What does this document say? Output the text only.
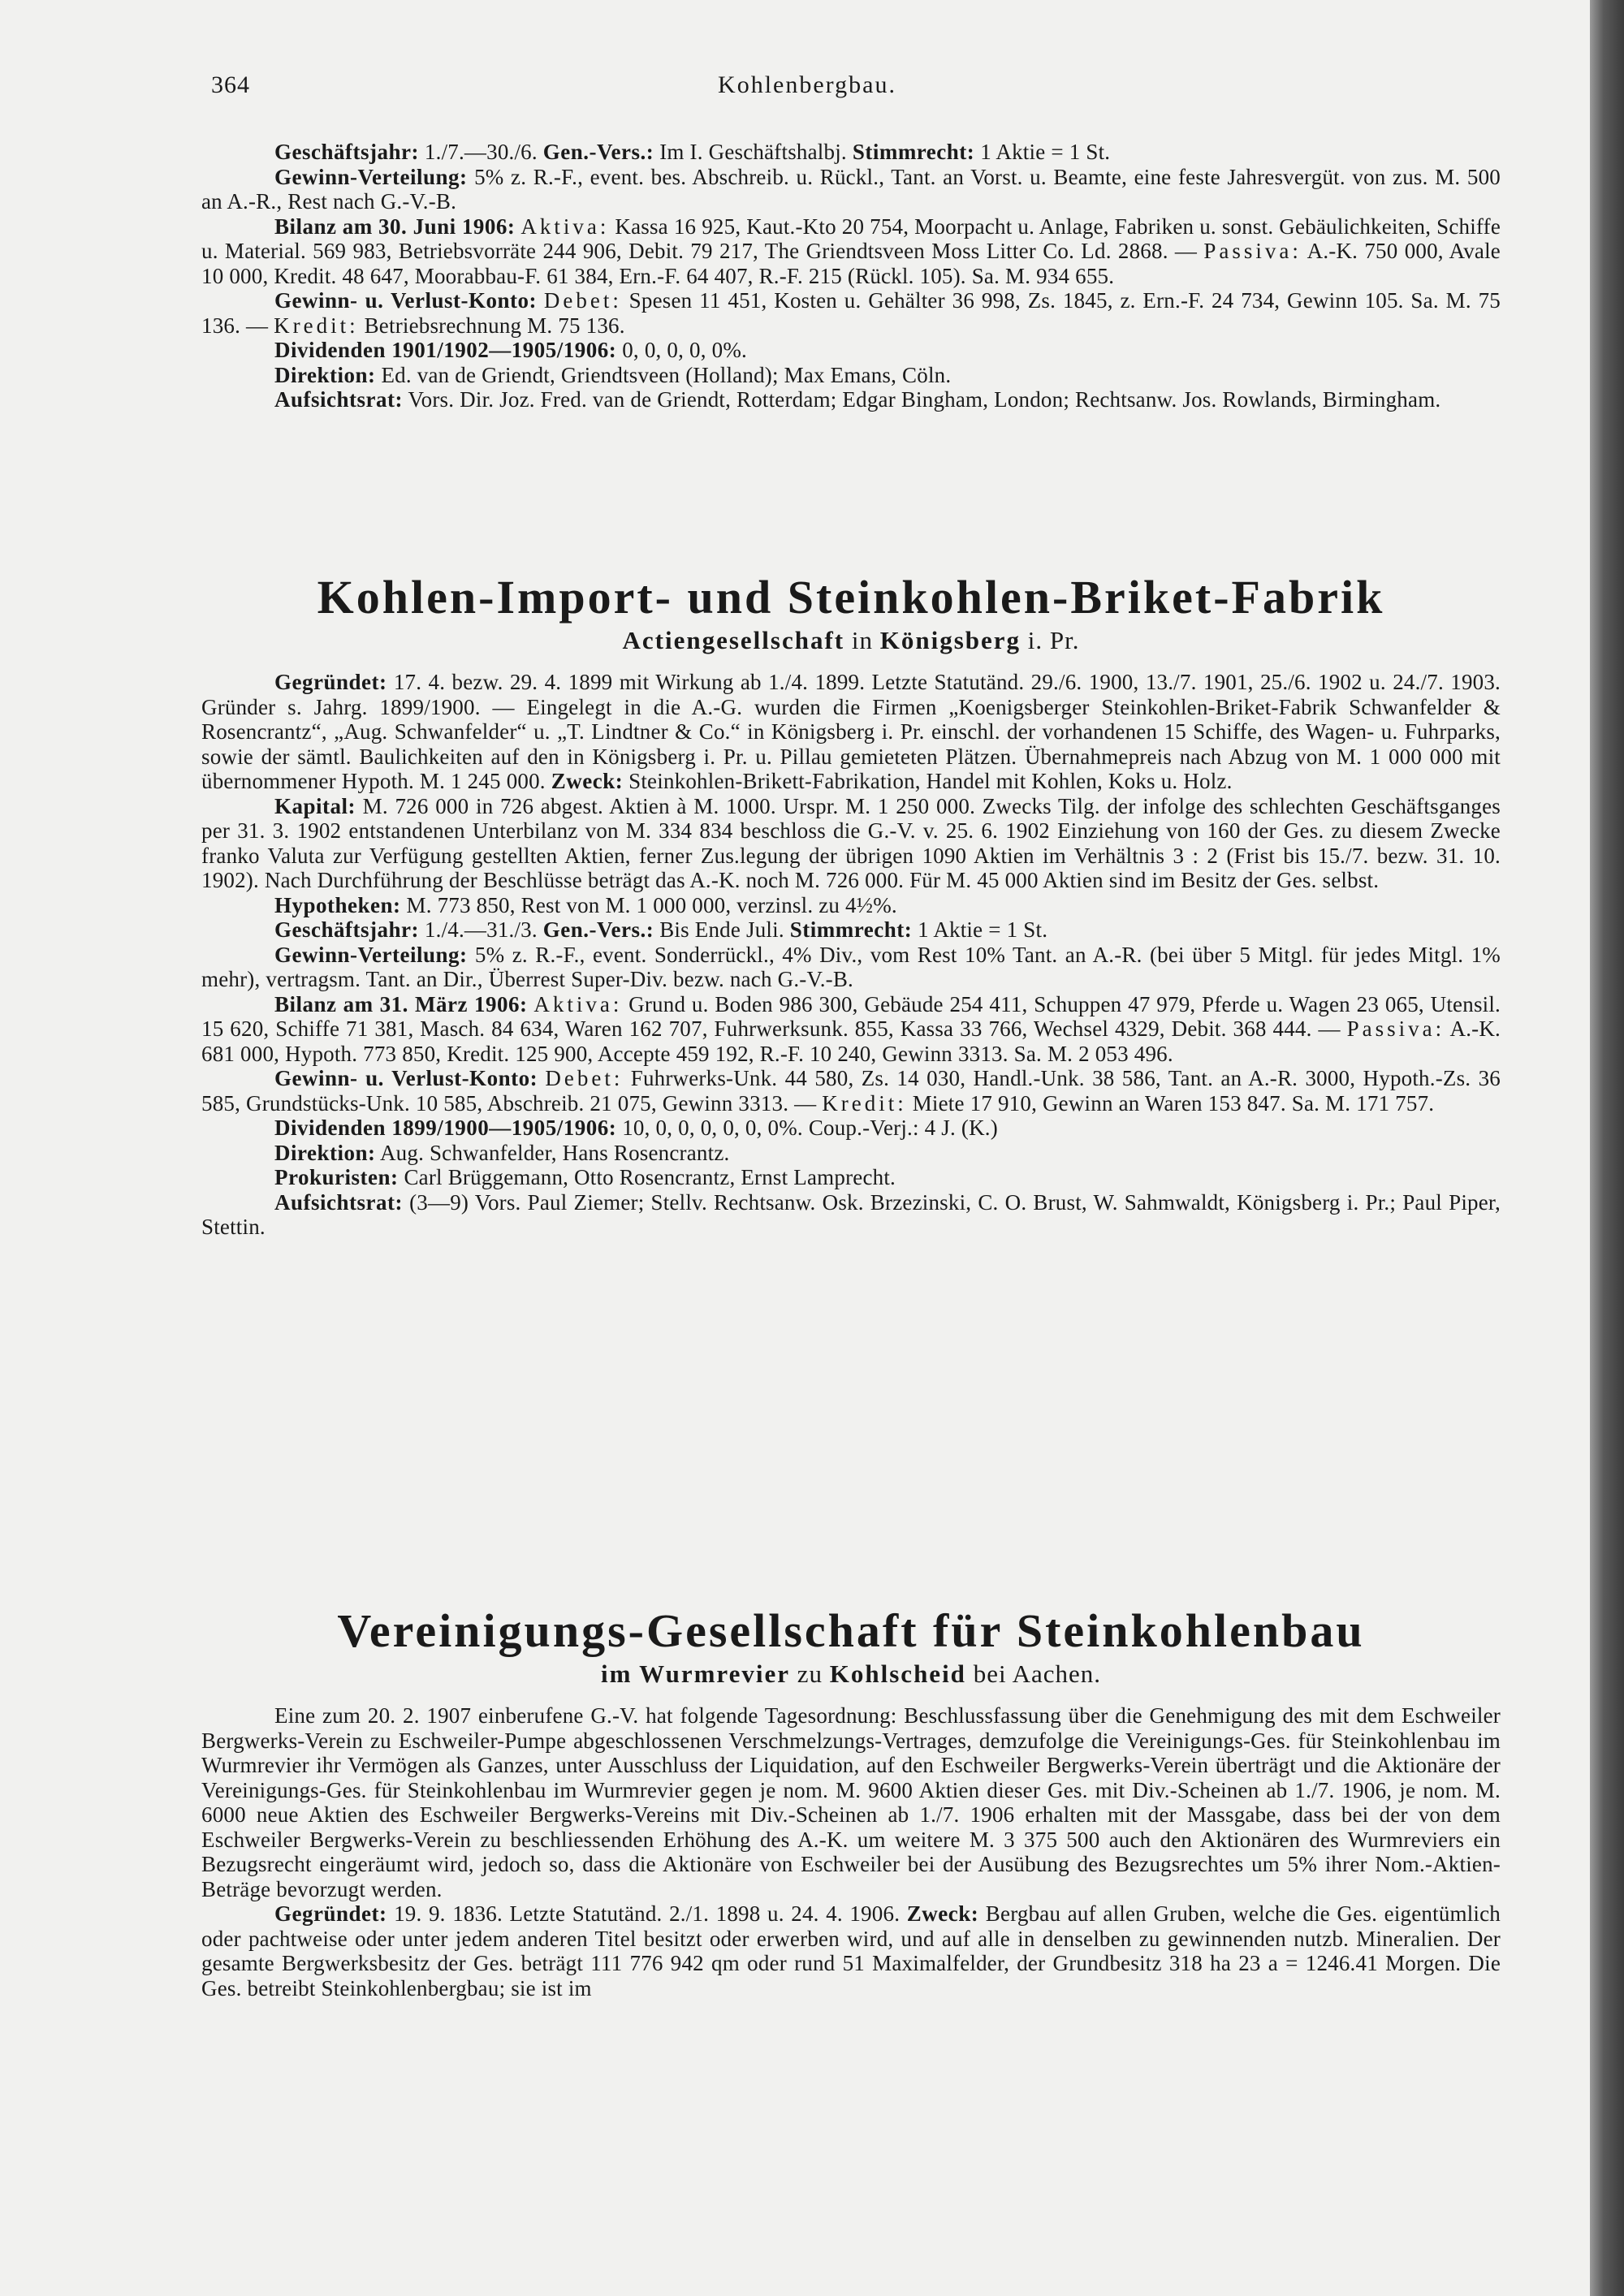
364	Kohlenbergbau.

Geschäftsjahr: 1./7.—30./6. Gen.-Vers.: Im I. Geschäftshalbj. Stimmrecht: 1 Aktie = 1 St.

Gewinn-Verteilung: 5% z. R.-F., event. bes. Abschreib. u. Rückl., Tant. an Vorst. u. Beamte, eine feste Jahresvergüt. von zus. M. 500 an A.-R., Rest nach G.-V.-B.

Bilanz am 30. Juni 1906: Aktiva: Kassa 16 925, Kaut.-Kto 20 754, Moorpacht u. Anlage, Fabriken u. sonst. Gebäulichkeiten, Schiffe u. Material. 569 983, Betriebsvorräte 244 906, Debit. 79 217, The Griendtsveen Moss Litter Co. Ld. 2868. — Passiva: A.-K. 750 000, Avale 10 000, Kredit. 48 647, Moorabbau-F. 61 384, Ern.-F. 64 407, R.-F. 215 (Rückl. 105). Sa. M. 934 655.

Gewinn- u. Verlust-Konto: Debet: Spesen 11 451, Kosten u. Gehälter 36 998, Zs. 1845, z. Ern.-F. 24 734, Gewinn 105. Sa. M. 75 136. — Kredit: Betriebsrechnung M. 75 136.

Dividenden 1901/1902—1905/1906: 0, 0, 0, 0, 0%.

Direktion: Ed. van de Griendt, Griendtsveen (Holland); Max Emans, Cöln.

Aufsichtsrat: Vors. Dir. Joz. Fred. van de Griendt, Rotterdam; Edgar Bingham, London; Rechtsanw. Jos. Rowlands, Birmingham.

Kohlen-Import- und Steinkohlen-Briket-Fabrik

Actiengesellschaft in Königsberg i. Pr.

Gegründet: 17. 4. bezw. 29. 4. 1899 mit Wirkung ab 1./4. 1899. Letzte Statutänd. 29./6. 1900, 13./7. 1901, 25./6. 1902 u. 24./7. 1903. Gründer s. Jahrg. 1899/1900. — Eingelegt in die A.-G. wurden die Firmen „Koenigsberger Steinkohlen-Briket-Fabrik Schwanfelder & Rosencrantz“, „Aug. Schwanfelder“ u. „T. Lindtner & Co.“ in Königsberg i. Pr. einschl. der vorhandenen 15 Schiffe, des Wagen- u. Fuhrparks, sowie der sämtl. Baulichkeiten auf den in Königsberg i. Pr. u. Pillau gemieteten Plätzen. Übernahmepreis nach Abzug von M. 1 000 000 mit übernommener Hypoth. M. 1 245 000. Zweck: Steinkohlen-Brikett-Fabrikation, Handel mit Kohlen, Koks u. Holz.

Kapital: M. 726 000 in 726 abgest. Aktien à M. 1000. Urspr. M. 1 250 000. Zwecks Tilg. der infolge des schlechten Geschäftsganges per 31. 3. 1902 entstandenen Unterbilanz von M. 334 834 beschloss die G.-V. v. 25. 6. 1902 Einziehung von 160 der Ges. zu diesem Zwecke franko Valuta zur Verfügung gestellten Aktien, ferner Zus.legung der übrigen 1090 Aktien im Verhältnis 3 : 2 (Frist bis 15./7. bezw. 31. 10. 1902). Nach Durchführung der Beschlüsse beträgt das A.-K. noch M. 726 000. Für M. 45 000 Aktien sind im Besitz der Ges. selbst.

Hypotheken: M. 773 850, Rest von M. 1 000 000, verzinsl. zu 4½%.

Geschäftsjahr: 1./4.—31./3. Gen.-Vers.: Bis Ende Juli. Stimmrecht: 1 Aktie = 1 St.

Gewinn-Verteilung: 5% z. R.-F., event. Sonderrückl., 4% Div., vom Rest 10% Tant. an A.-R. (bei über 5 Mitgl. für jedes Mitgl. 1% mehr), vertragsm. Tant. an Dir., Überrest Super-Div. bezw. nach G.-V.-B.

Bilanz am 31. März 1906: Aktiva: Grund u. Boden 986 300, Gebäude 254 411, Schuppen 47 979, Pferde u. Wagen 23 065, Utensil. 15 620, Schiffe 71 381, Masch. 84 634, Waren 162 707, Fuhrwerksunk. 855, Kassa 33 766, Wechsel 4329, Debit. 368 444. — Passiva: A.-K. 681 000, Hypoth. 773 850, Kredit. 125 900, Accepte 459 192, R.-F. 10 240, Gewinn 3313. Sa. M. 2 053 496.

Gewinn- u. Verlust-Konto: Debet: Fuhrwerks-Unk. 44 580, Zs. 14 030, Handl.-Unk. 38 586, Tant. an A.-R. 3000, Hypoth.-Zs. 36 585, Grundstücks-Unk. 10 585, Abschreib. 21 075, Gewinn 3313. — Kredit: Miete 17 910, Gewinn an Waren 153 847. Sa. M. 171 757.

Dividenden 1899/1900—1905/1906: 10, 0, 0, 0, 0, 0, 0%. Coup.-Verj.: 4 J. (K.)

Direktion: Aug. Schwanfelder, Hans Rosencrantz.

Prokuristen: Carl Brüggemann, Otto Rosencrantz, Ernst Lamprecht.

Aufsichtsrat: (3—9) Vors. Paul Ziemer; Stellv. Rechtsanw. Osk. Brzezinski, C. O. Brust, W. Sahmwaldt, Königsberg i. Pr.; Paul Piper, Stettin.

Vereinigungs-Gesellschaft für Steinkohlenbau

im Wurmrevier zu Kohlscheid bei Aachen.

Eine zum 20. 2. 1907 einberufene G.-V. hat folgende Tagesordnung: Beschlussfassung über die Genehmigung des mit dem Eschweiler Bergwerks-Verein zu Eschweiler-Pumpe abgeschlossenen Verschmelzungs-Vertrages, demzufolge die Vereinigungs-Ges. für Steinkohlenbau im Wurmrevier ihr Vermögen als Ganzes, unter Ausschluss der Liquidation, auf den Eschweiler Bergwerks-Verein überträgt und die Aktionäre der Vereinigungs-Ges. für Steinkohlenbau im Wurmrevier gegen je nom. M. 9600 Aktien dieser Ges. mit Div.-Scheinen ab 1./7. 1906, je nom. M. 6000 neue Aktien des Eschweiler Bergwerks-Vereins mit Div.-Scheinen ab 1./7. 1906 erhalten mit der Massgabe, dass bei der von dem Eschweiler Bergwerks-Verein zu beschliessenden Erhöhung des A.-K. um weitere M. 3 375 500 auch den Aktionären des Wurmreviers ein Bezugsrecht eingeräumt wird, jedoch so, dass die Aktionäre von Eschweiler bei der Ausübung des Bezugsrechtes um 5% ihrer Nom.-Aktien-Beträge bevorzugt werden.

Gegründet: 19. 9. 1836. Letzte Statutänd. 2./1. 1898 u. 24. 4. 1906. Zweck: Bergbau auf allen Gruben, welche die Ges. eigentümlich oder pachtweise oder unter jedem anderen Titel besitzt oder erwerben wird, und auf alle in denselben zu gewinnenden nutzb. Mineralien. Der gesamte Bergwerksbesitz der Ges. beträgt 111 776 942 qm oder rund 51 Maximalfelder, der Grundbesitz 318 ha 23 a = 1246.41 Morgen. Die Ges. betreibt Steinkohlenbergbau; sie ist im
